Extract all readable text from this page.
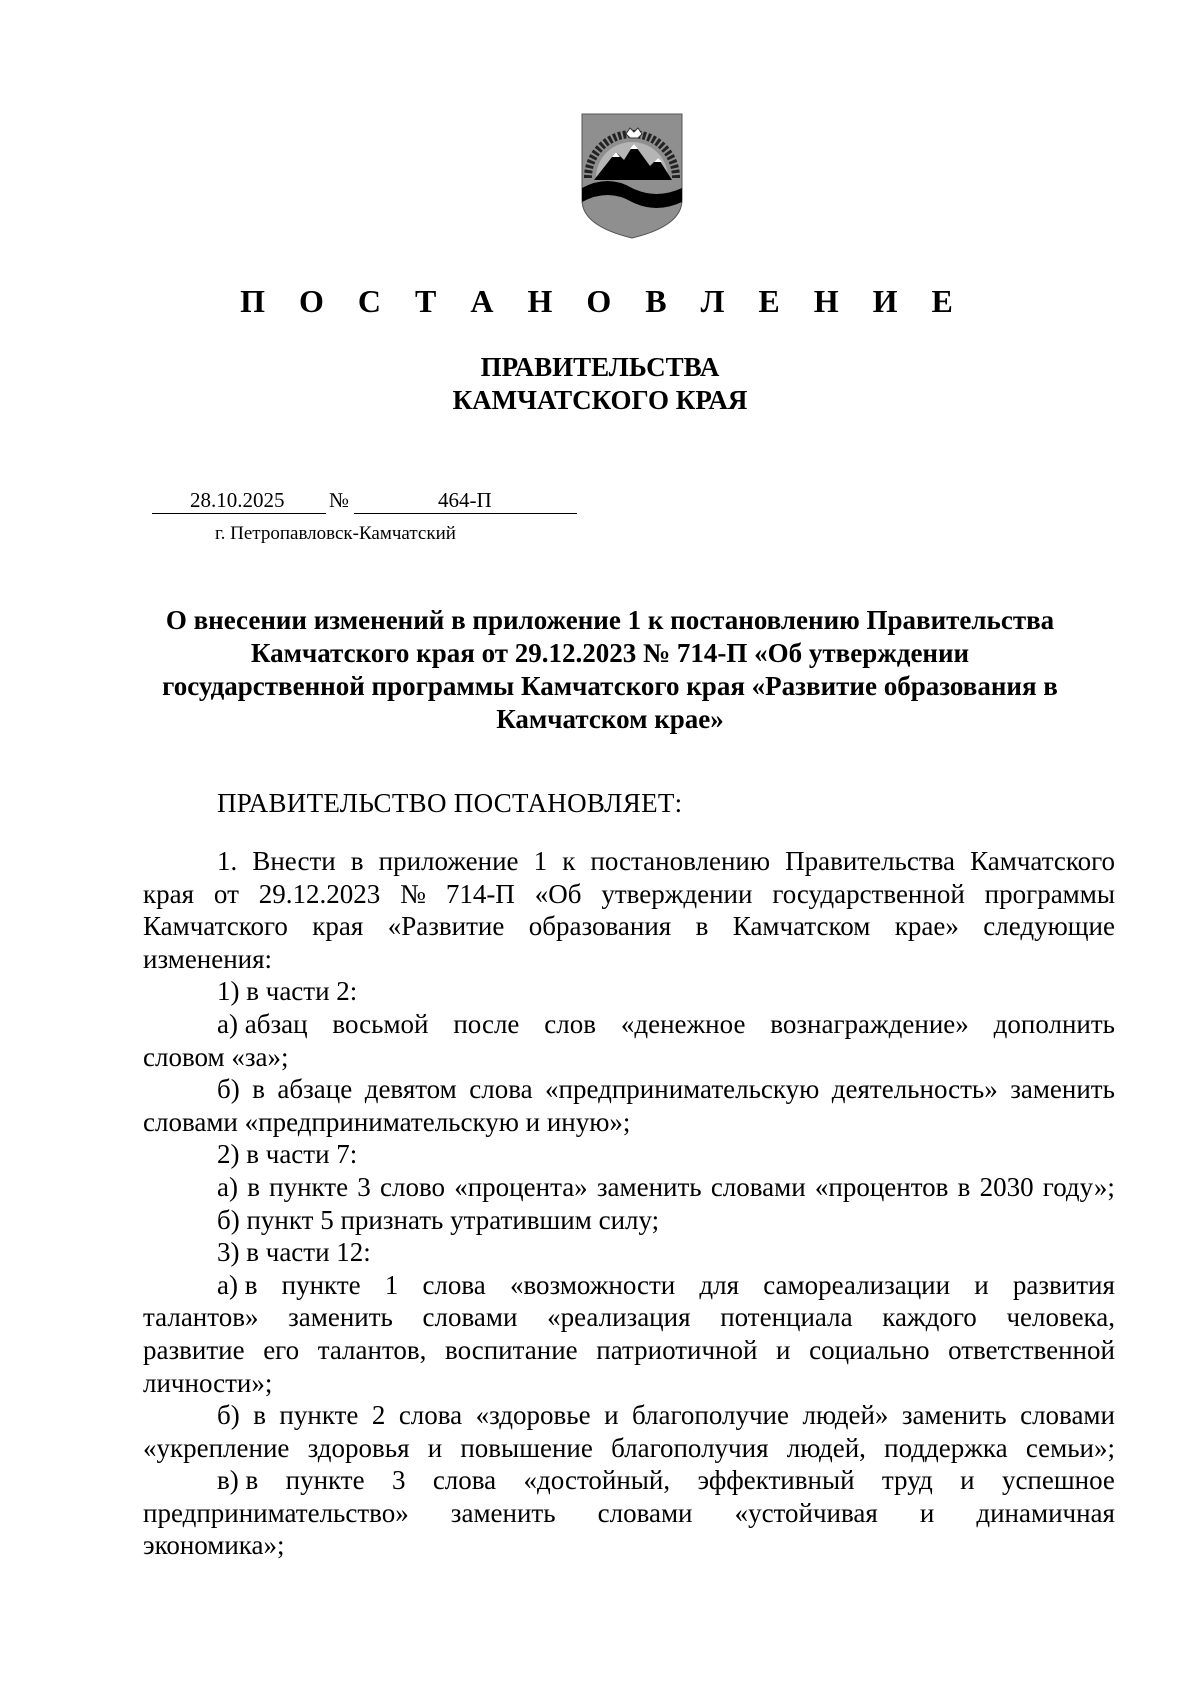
П О С Т А Н О В Л Е Н И Е
ПРАВИТЕЛЬСТВА
КАМЧАТСКОГО КРАЯ
28.10.2025 №	464-П
г. Петропавловск-Камчатский
О внесении изменений в приложение 1 к постановлению Правительства
Камчатского края от 29.12.2023 № 714-П «Об утверждении
государственной программы Камчатского края «Развитие образования в
Камчатском крае»
ПРАВИТЕЛЬСТВО ПОСТАНОВЛЯЕТ:
1. Внести в приложение 1 к постановлению Правительства Камчатского
края от 29.12.2023 № 714-П «Об утверждении государственной программы
Камчатского края «Развитие образования в Камчатском крае» следующие
изменения:
1) в части 2:
а) абзац восьмой после слов «денежное вознаграждение» дополнить
словом «за»;
б) в абзаце девятом слова «предпринимательскую деятельность» заменить
словами «предпринимательскую и иную»;
2) в части 7:
а) в пункте 3 слово «процента» заменить словами «процентов в 2030 году»;
б) пункт 5 признать утратившим силу;
3) в части 12:
а) в пункте 1 слова «возможности для самореализации и развития
талантов» заменить словами «реализация потенциала каждого человека,
развитие его талантов, воспитание патриотичной и социально ответственной
личности»;
б) в пункте 2 слова «здоровье и благополучие людей» заменить словами
«укрепление здоровья и повышение благополучия людей, поддержка семьи»;
в) в пункте 3 слова «достойный, эффективный труд и успешное
предпринимательство» заменить словами «устойчивая и динамичная
экономика»;
